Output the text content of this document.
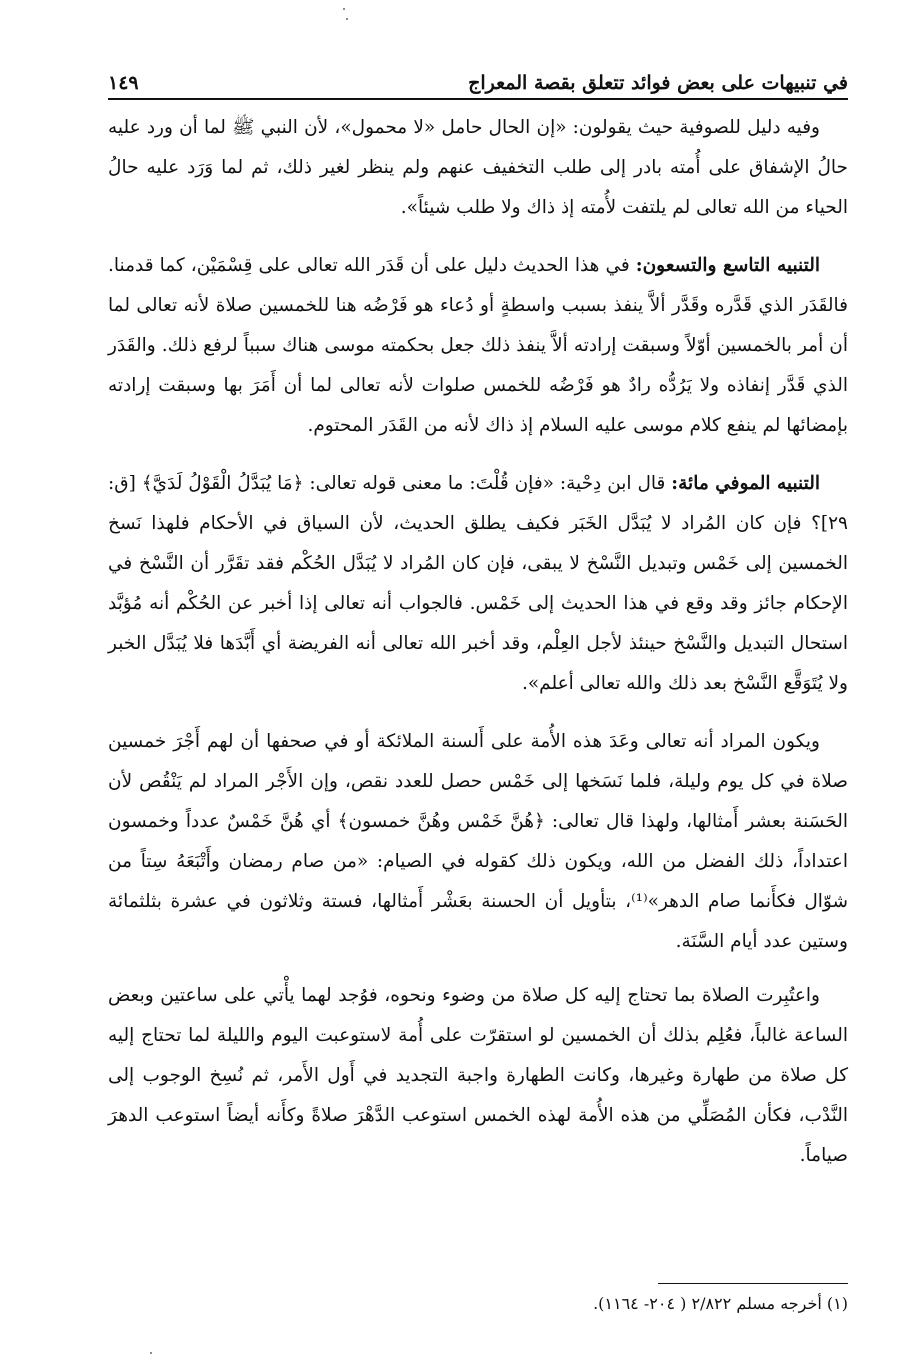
في تنبيهات على بعض فوائد تتعلق بقصة المعراج
١٤٩

وفيه دليل للصوفية حيث يقولون: «إن الحال حامل «لا محمول»، لأن النبي ﷺ لما أن ورد عليه حالُ الإشفاق على أُمته بادر إلى طلب التخفيف عنهم ولم ينظر لغير ذلك، ثم لما وَرَد عليه حالُ الحياء من الله تعالى لم يلتفت لأُمته إذ ذاك ولا طلب شيئاً».

التنبيه التاسع والتسعون: في هذا الحديث دليل على أن قَدَر الله تعالى على قِسْمَيْن، كما قدمنا. فالقَدَر الذي قَدَّره وقَدَّر ألاَّ ينفذ بسبب واسطةٍ أو دُعاء هو فَرْضُه هنا للخمسين صلاة لأنه تعالى لما أن أمر بالخمسين أوّلاً وسبقت إرادته ألاَّ ينفذ ذلك جعل بحكمته موسى هناك سبباً لرفع ذلك. والقَدَر الذي قَدَّر إنفاذه ولا يَرُدُّه رادٌ هو فَرْضُه للخمس صلوات لأنه تعالى لما أن أَمَرَ بها وسبقت إرادته بإمضائها لم ينفع كلام موسى عليه السلام إذ ذاك لأنه من القَدَر المحتوم.

التنبيه الموفي مائة: قال ابن دِحْية: «فإن قُلْتَ: ما معنى قوله تعالى: ﴿مَا يُبَدَّلُ الْقَوْلُ لَدَيَّ﴾ [ق: ٢٩]؟ فإن كان المُراد لا يُبَدَّل الخَبَر فكيف يطلق الحديث، لأن السياق في الأحكام فلهذا نَسخ الخمسين إلى خَمْس وتبديل النَّسْخ لا يبقى، فإن كان المُراد لا يُبَدَّل الحُكْم فقد تقَرَّر أن النَّسْخ في الإحكام جائز وقد وقع في هذا الحديث إلى خَمْس. فالجواب أنه تعالى إذا أخبر عن الحُكْم أنه مُؤبَّد استحال التبديل والنَّسْخ حينئذ لأجل العِلْم، وقد أخبر الله تعالى أنه الفريضة أي أَبَّدَها فلا يُبَدَّل الخبر ولا يُتَوَقَّع النَّسْخ بعد ذلك والله تعالى أعلم».

ويكون المراد أنه تعالى وعَدَ هذه الأُمة على أَلسنة الملائكة أو في صحفها أن لهم أَجْرَ خمسين صلاة في كل يوم وليلة، فلما نَسَخها إلى خَمْس حصل للعدد نقص، وإن الأَجْر المراد لم يَنْقُص لأن الحَسَنة بعشر أَمثالها، ولهذا قال تعالى: ﴿هُنَّ خَمْس وهُنَّ خمسون﴾ أي هُنَّ خَمْسٌ عدداً وخمسون اعتداداً، ذلك الفضل من الله، ويكون ذلك كقوله في الصيام: «من صام رمضان وأَتْبَعَهُ سِتاً من شوّال فكأَنما صام الدهر»⁽¹⁾، بتأويل أن الحسنة بعَشْر أَمثالها، فستة وثلاثون في عشرة بثلثمائة وستين عدد أيام السَّنَة.

واعتُبِرت الصلاة بما تحتاج إليه كل صلاة من وضوء ونحوه، فوُجد لهما يأْتي على ساعتين وبعض الساعة غالباً، فعُلِم بذلك أن الخمسين لو استقرّت على أُمة لاستوعبت اليوم والليلة لما تحتاج إليه كل صلاة من طهارة وغيرها، وكانت الطهارة واجبة التجديد في أَول الأَمر، ثم نُسِخ الوجوب إلى النَّدْب، فكأن المُصَلِّي من هذه الأُمة لهذه الخمس استوعب الدَّهْرَ صلاةً وكأَنه أيضاً استوعب الدهرَ صياماً.

(١) أخرجه مسلم ٢/٨٢٢ ( ٢٠٤- ١١٦٤).
